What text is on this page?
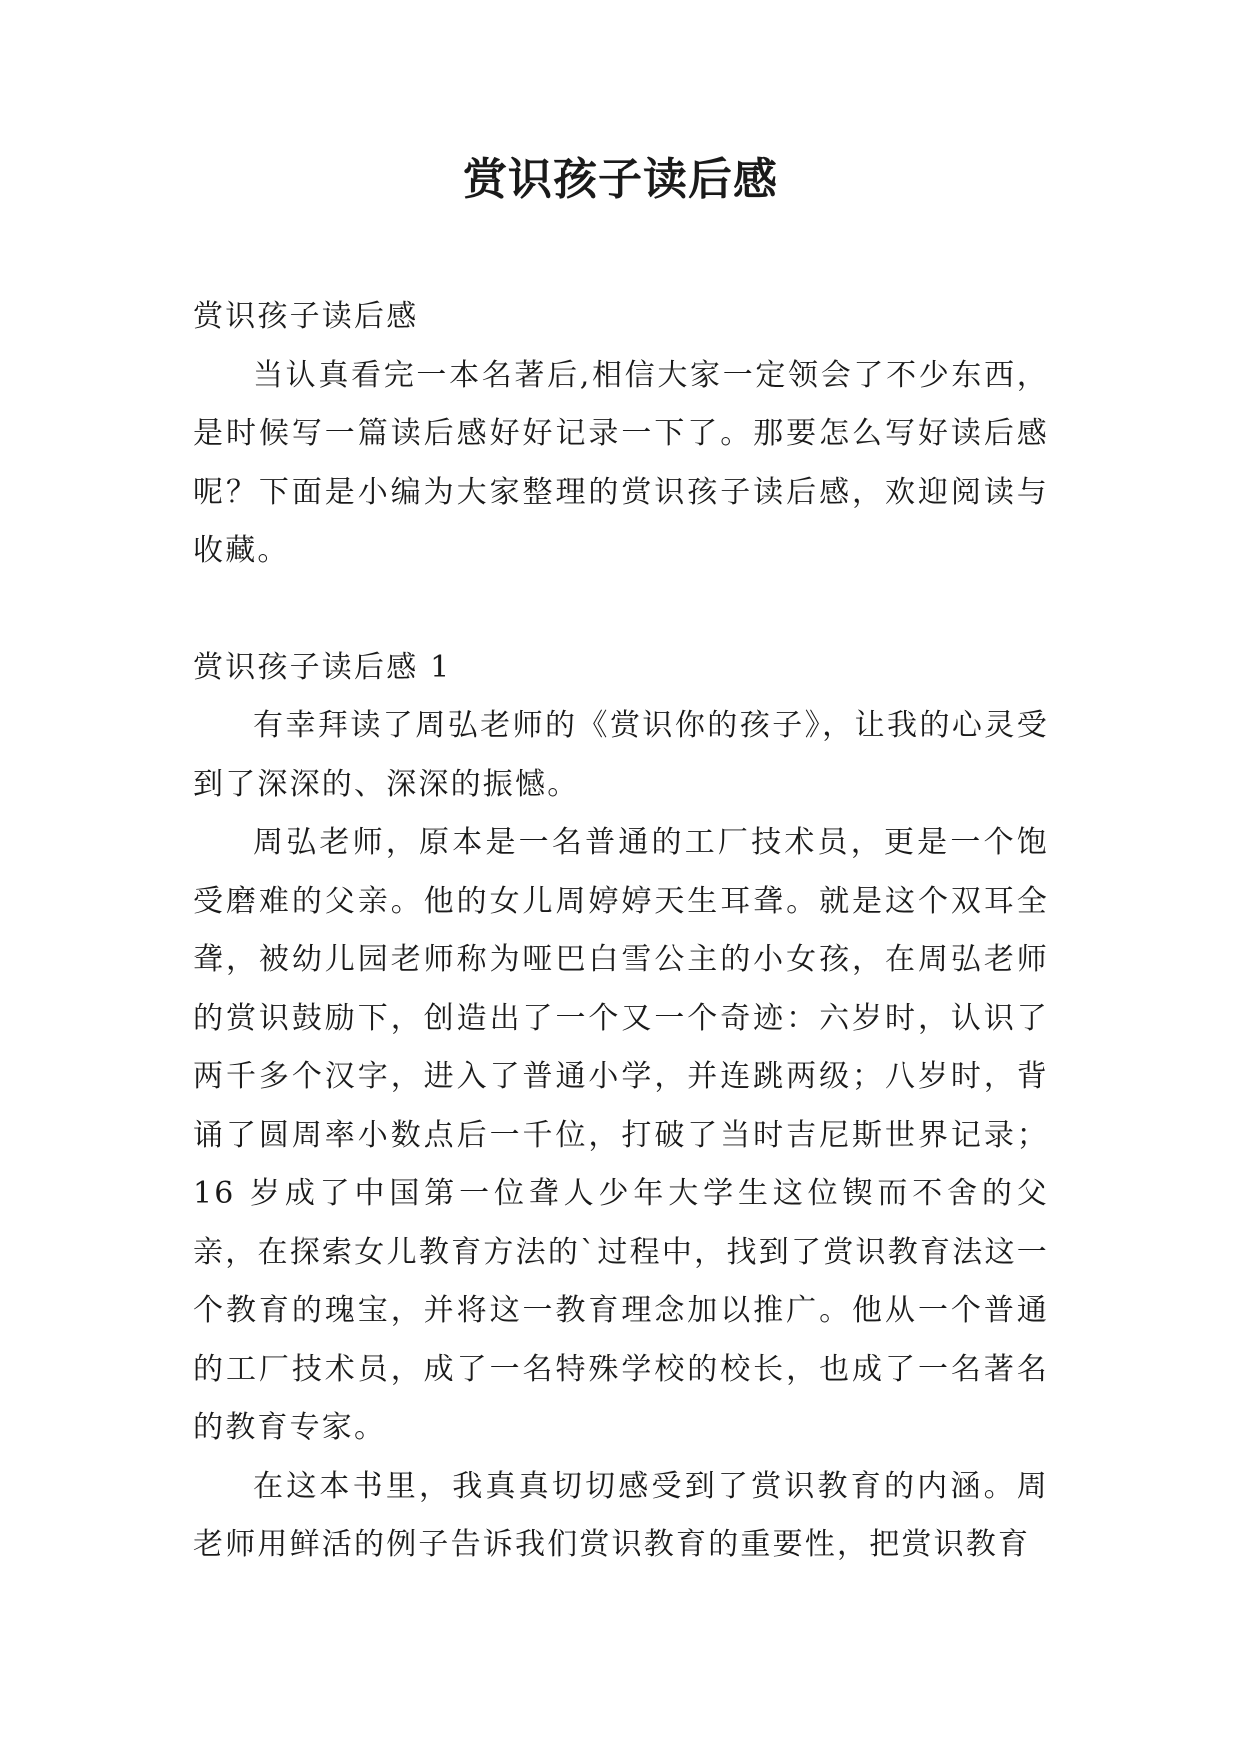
赏识孩子读后感

赏识孩子读后感

当认真看完一本名著后,相信大家一定领会了不少东西，是时候写一篇读后感好好记录一下了。那要怎么写好读后感呢？下面是小编为大家整理的赏识孩子读后感，欢迎阅读与收藏。

赏识孩子读后感 1

有幸拜读了周弘老师的《赏识你的孩子》，让我的心灵受到了深深的、深深的振憾。

周弘老师，原本是一名普通的工厂技术员，更是一个饱受磨难的父亲。他的女儿周婷婷天生耳聋。就是这个双耳全聋，被幼儿园老师称为哑巴白雪公主的小女孩，在周弘老师的赏识鼓励下，创造出了一个又一个奇迹：六岁时，认识了两千多个汉字，进入了普通小学，并连跳两级；八岁时，背诵了圆周率小数点后一千位，打破了当时吉尼斯世界记录；16 岁成了中国第一位聋人少年大学生这位锲而不舍的父亲，在探索女儿教育方法的`过程中，找到了赏识教育法这一个教育的瑰宝，并将这一教育理念加以推广。他从一个普通的工厂技术员，成了一名特殊学校的校长，也成了一名著名的教育专家。

在这本书里，我真真切切感受到了赏识教育的内涵。周老师用鲜活的例子告诉我们赏识教育的重要性，把赏识教育
